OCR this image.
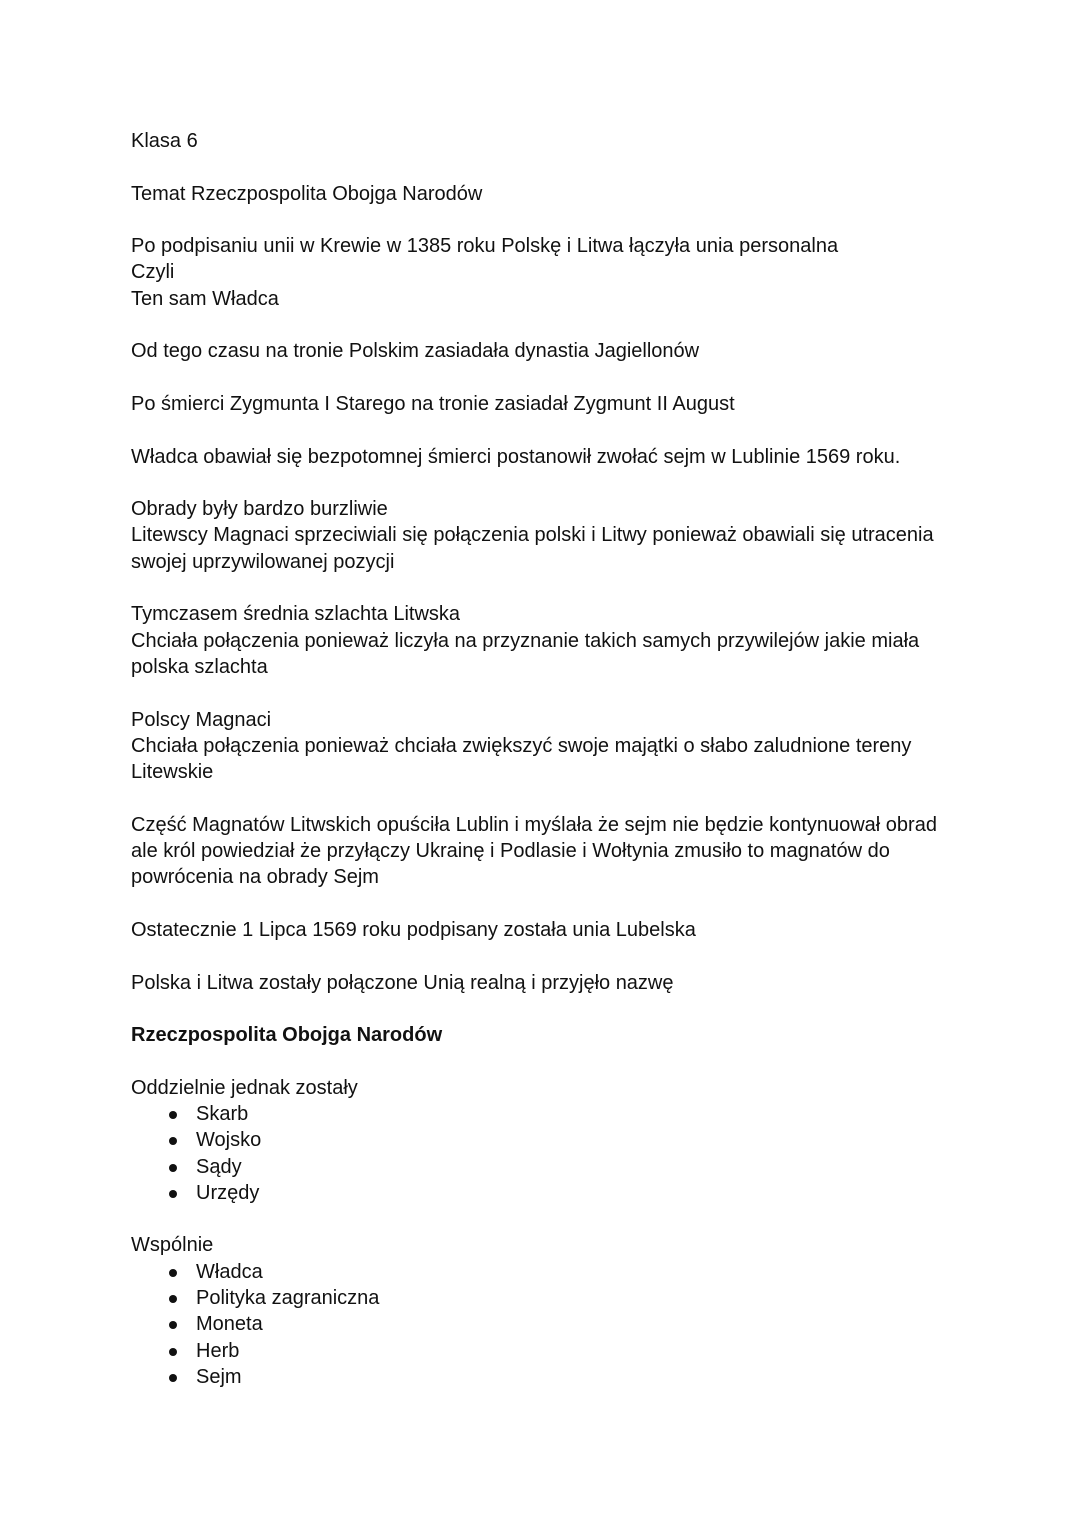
Klasa 6
Temat Rzeczpospolita Obojga Narodów
Po podpisaniu unii w Krewie w 1385 roku Polskę i Litwa łączyła unia personalna
Czyli
Ten sam Władca
Od tego czasu na tronie Polskim zasiadała dynastia Jagiellonów
Po śmierci Zygmunta I Starego na tronie zasiadał Zygmunt II August
Władca obawiał się bezpotomnej śmierci postanowił zwołać sejm w Lublinie 1569 roku.
Obrady były bardzo burzliwie
Litewscy Magnaci sprzeciwiali się połączenia polski i Litwy ponieważ obawiali się utracenia
swojej uprzywilowanej pozycji
Tymczasem średnia szlachta Litwska
Chciała połączenia ponieważ liczyła na przyznanie takich samych przywilejów jakie miała
polska szlachta
Polscy Magnaci
Chciała połączenia ponieważ chciała zwiększyć swoje majątki o słabo zaludnione tereny
Litewskie
Część Magnatów Litwskich opuściła Lublin i myślała że sejm nie będzie kontynuował obrad
ale król powiedział że przyłączy Ukrainę i Podlasie i Wołtynia zmusiło to magnatów do
powrócenia na obrady Sejm
Ostatecznie 1 Lipca 1569 roku podpisany została unia Lubelska
Polska i Litwa zostały połączone Unią realną i przyjęło nazwę
Rzeczpospolita Obojga Narodów
Oddzielnie jednak zostały
Skarb
Wojsko
Sądy
Urzędy
Wspólnie
Władca
Polityka zagraniczna
Moneta
Herb
Sejm
